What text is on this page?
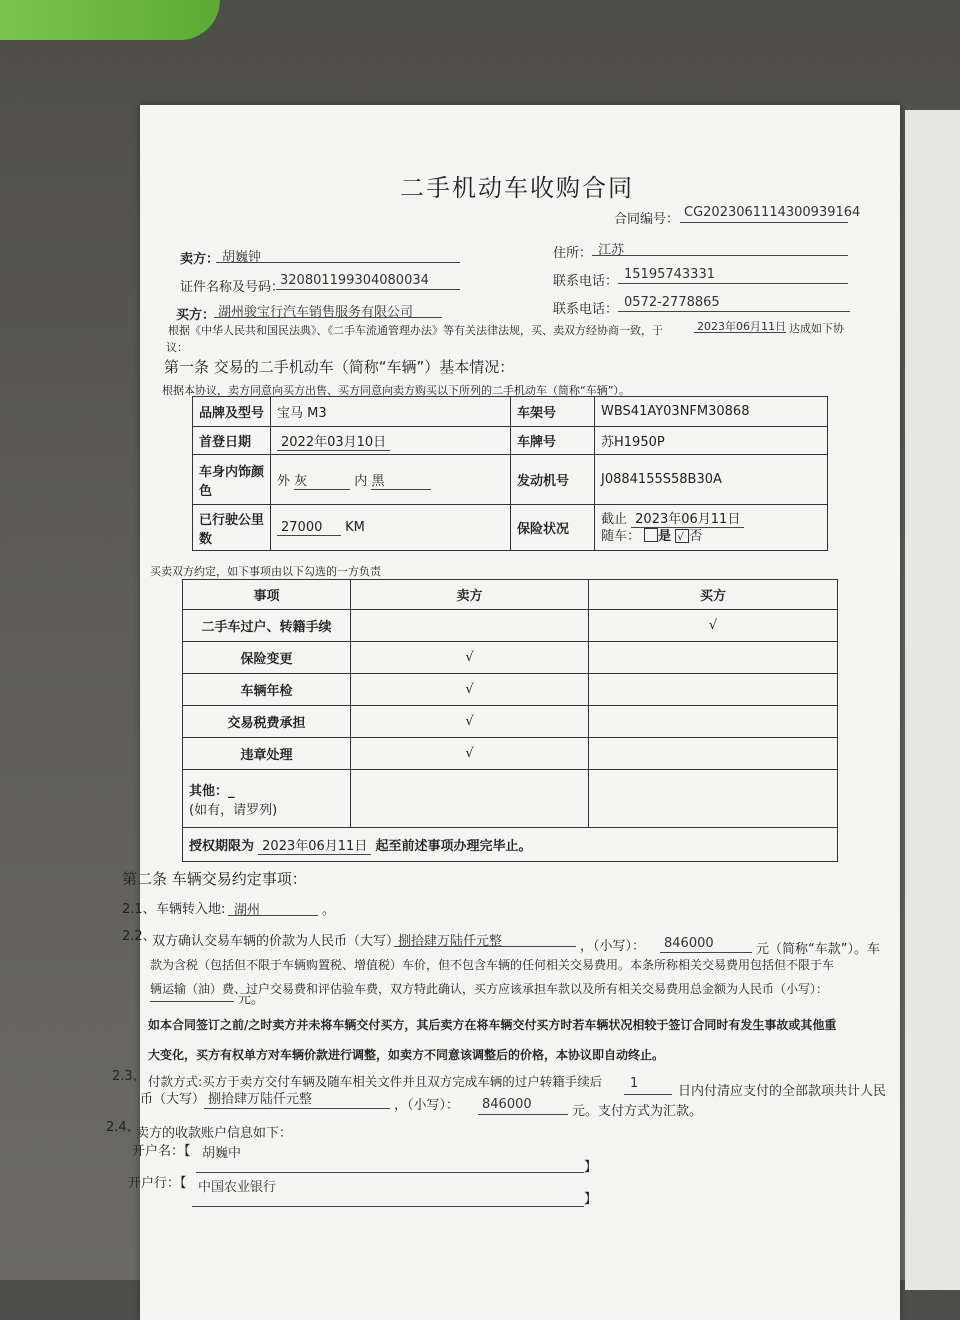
二手机动车收购合同
合同编号： CG2023061114300939164
卖方： 胡巍钟	住所： 江苏
证件名称及号码：
320801199304080034	联系电话： 15195743331
买方： 湖州骏宝行汽车销售服务有限公司	联系电话： 0572-2778865
根据《中华人民共和国民法典》、《二手车流通管理办法》等有关法律法规，买、卖双方经协商一致，于	2023年06月11日 达成如下协
议：
第一条 交易的二手机动车（简称“车辆”）基本情况：
根据本协议，卖方同意向买方出售、买方同意向卖方购买以下所列的二手机动车（简称“车辆”）。
品牌及型号	宝马 M3	车架号	WBS41AY03NFM30868
首登日期	2022年03月10日	车牌号	苏H1950P
车身内饰颜
色	外 灰 内 黑	发动机号	J0884155S58B30A
已行驶公里
数	27000 KM	保险状况	截止 2023年06月11日
随车： 是 √ 否
买卖双方约定，如下事项由以下勾选的一方负责
事项	卖方	买方
二手车过户、转籍手续		√
保险变更	√	
车辆年检	√	
交易税费承担	√	
违章处理	√	
其他：_
(如有，请罗列)		
授权期限为 2023年06月11日 起至前述事项办理完毕止。		
第二条 车辆交易约定事项：
2.1、 车辆转入地: 湖州	。
2.2、
双方确认交易车辆的价款为人民币（大写）
捌拾肆万陆仟元整	，（小写）： 846000	元（简称“车款”）。车
款为含税（包括但不限于车辆购置税、增值税）车价，但不包含车辆的任何相关交易费用。本条所称相关交易费用包括但不限于车
辆运输（油）费、过户交易费和评估验车费，双方特此确认，买方应该承担车款以及所有相关交易费用总金额为人民币（小写）：
元。
如本合同签订之前/之时卖方并未将车辆交付买方，其后卖方在将车辆交付买方时若车辆状况相较于签订合同时有发生事故或其他重
大变化，买方有权单方对车辆价款进行调整，如卖方不同意该调整后的价格，本协议即自动终止。
2.3、 付款方式:买方于卖方交付车辆及随车相关文件并且双方完成车辆的过户转籍手续后 1
日内付清应支付的全部款项共计人民
币（大写） 捌拾肆万陆仟元整	，（小写）： 846000	元。支付方式为汇款。
2.4、
卖方的收款账户信息如下：
开户名：【 胡巍中
】
开户行：【 中国农业银行
】
